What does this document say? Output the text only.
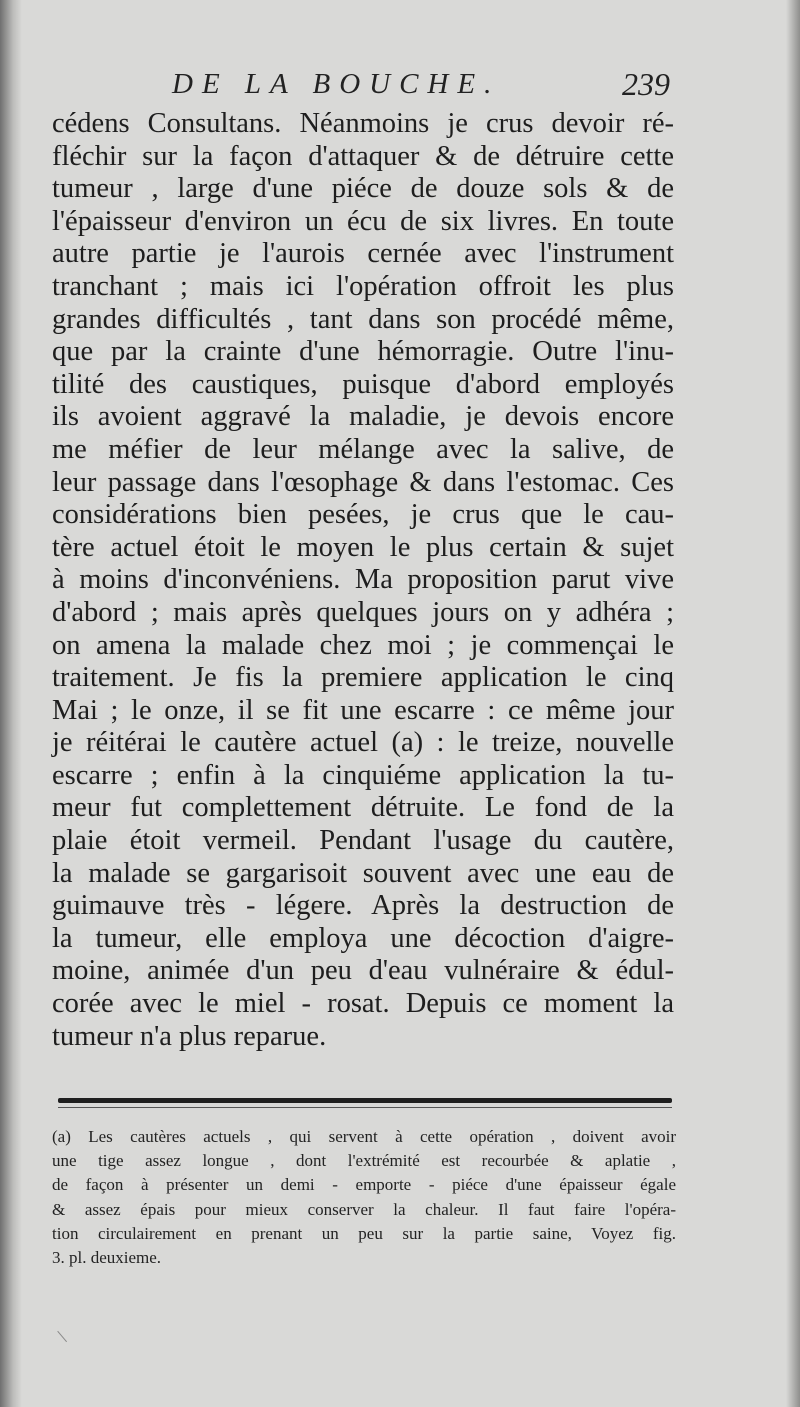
DE LA BOUCHE.	239
cédens Consultans. Néanmoins je crus devoir ré-
fléchir sur la façon d'attaquer & de détruire cette
tumeur , large d'une piéce de douze sols & de
l'épaisseur d'environ un écu de six livres. En toute
autre partie je l'aurois cernée avec l'instrument
tranchant ; mais ici l'opération offroit les plus
grandes difficultés , tant dans son procédé même,
que par la crainte d'une hémorragie. Outre l'inu-
tilité des caustiques, puisque d'abord employés
ils avoient aggravé la maladie, je devois encore
me méfier de leur mélange avec la salive, de
leur passage dans l'œsophage & dans l'estomac. Ces
considérations bien pesées, je crus que le cau-
tère actuel étoit le moyen le plus certain & sujet
à moins d'inconvéniens. Ma proposition parut vive
d'abord ; mais après quelques jours on y adhéra ;
on amena la malade chez moi ; je commençai le
traitement. Je fis la premiere application le cinq
Mai ; le onze, il se fit une escarre : ce même jour
je réitérai le cautère actuel (a) : le treize, nouvelle
escarre ; enfin à la cinquiéme application la tu-
meur fut complettement détruite. Le fond de la
plaie étoit vermeil. Pendant l'usage du cautère,
la malade se gargarisoit souvent avec une eau de
guimauve très - légere. Après la destruction de
la tumeur, elle employa une décoction d'aigre-
moine, animée d'un peu d'eau vulnéraire & édul-
corée avec le miel - rosat. Depuis ce moment la
tumeur n'a plus reparue.
(a) Les cautères actuels , qui servent à cette opération , doivent avoir
une tige assez longue , dont l'extrémité est recourbée & aplatie ,
de façon à présenter un demi - emporte - piéce d'une épaisseur égale
& assez épais pour mieux conserver la chaleur. Il faut faire l'opéra-
tion circulairement en prenant un peu sur la partie saine, Voyez fig.
3. pl. deuxieme.
